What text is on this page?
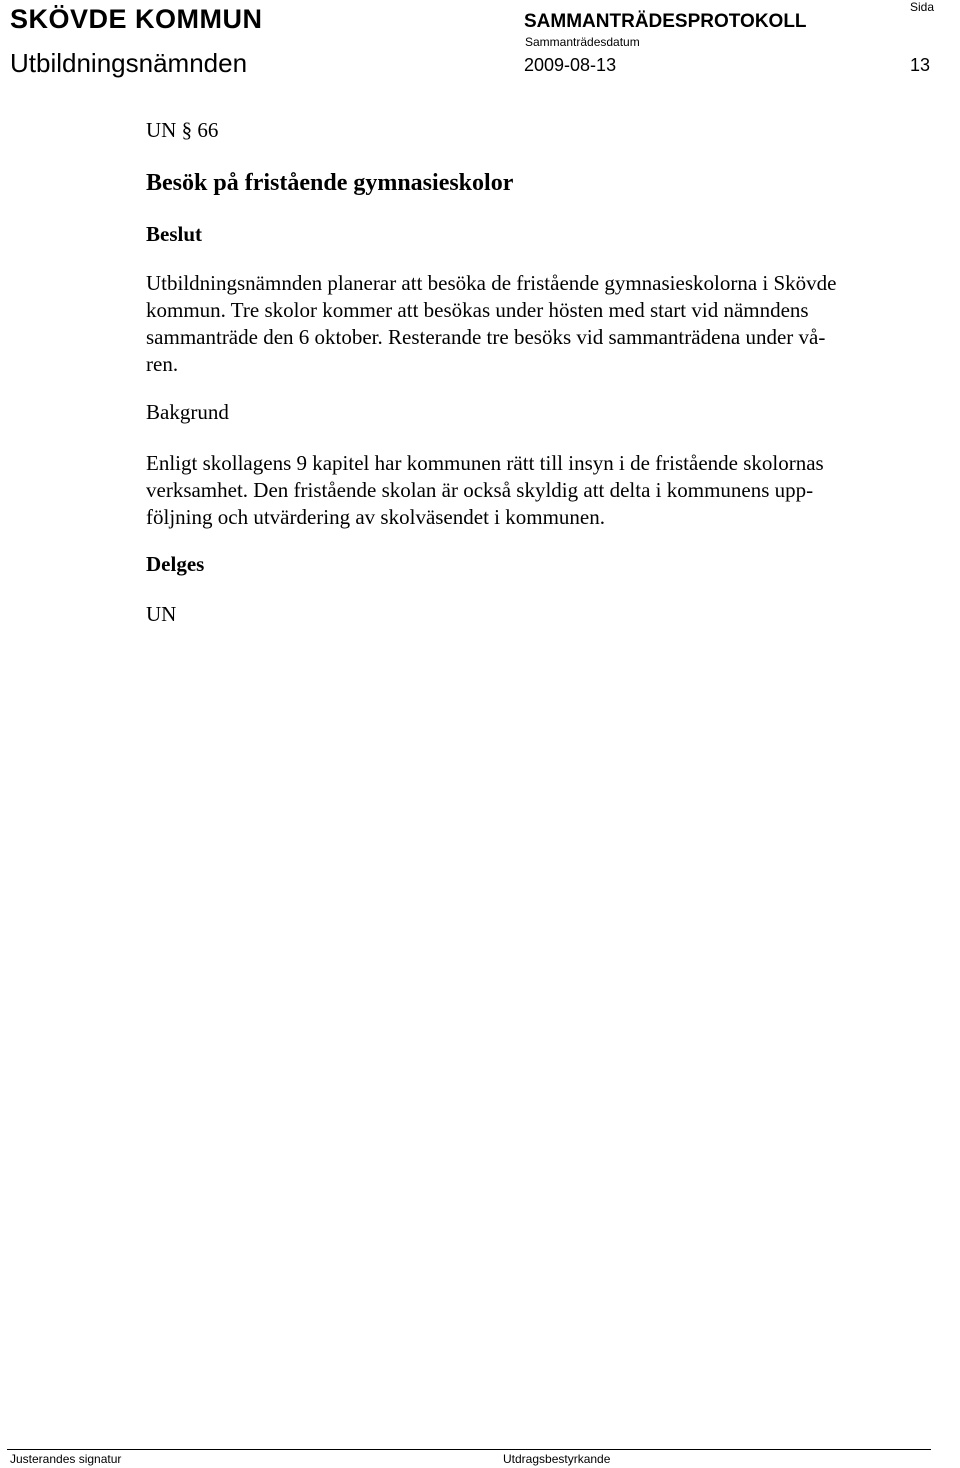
SKÖVDE KOMMUN	SAMMANTRÄDESPROTOKOLL
Sida
Sammanträdesdatum
Utbildningsnämnden	2009-08-13	13
UN § 66
Besök på fristående gymnasieskolor
Beslut
Utbildningsnämnden planerar att besöka de fristående gymnasieskolorna i Skövde
kommun. Tre skolor kommer att besökas under hösten med start vid nämndens
sammanträde den 6 oktober. Resterande tre besöks vid sammanträdena under vå-
ren.
Bakgrund
Enligt skollagens 9 kapitel har kommunen rätt till insyn i de fristående skolornas
verksamhet. Den fristående skolan är också skyldig att delta i kommunens upp-
följning och utvärdering av skolväsendet i kommunen.
Delges
UN
Justerandes signatur	Utdragsbestyrkande
